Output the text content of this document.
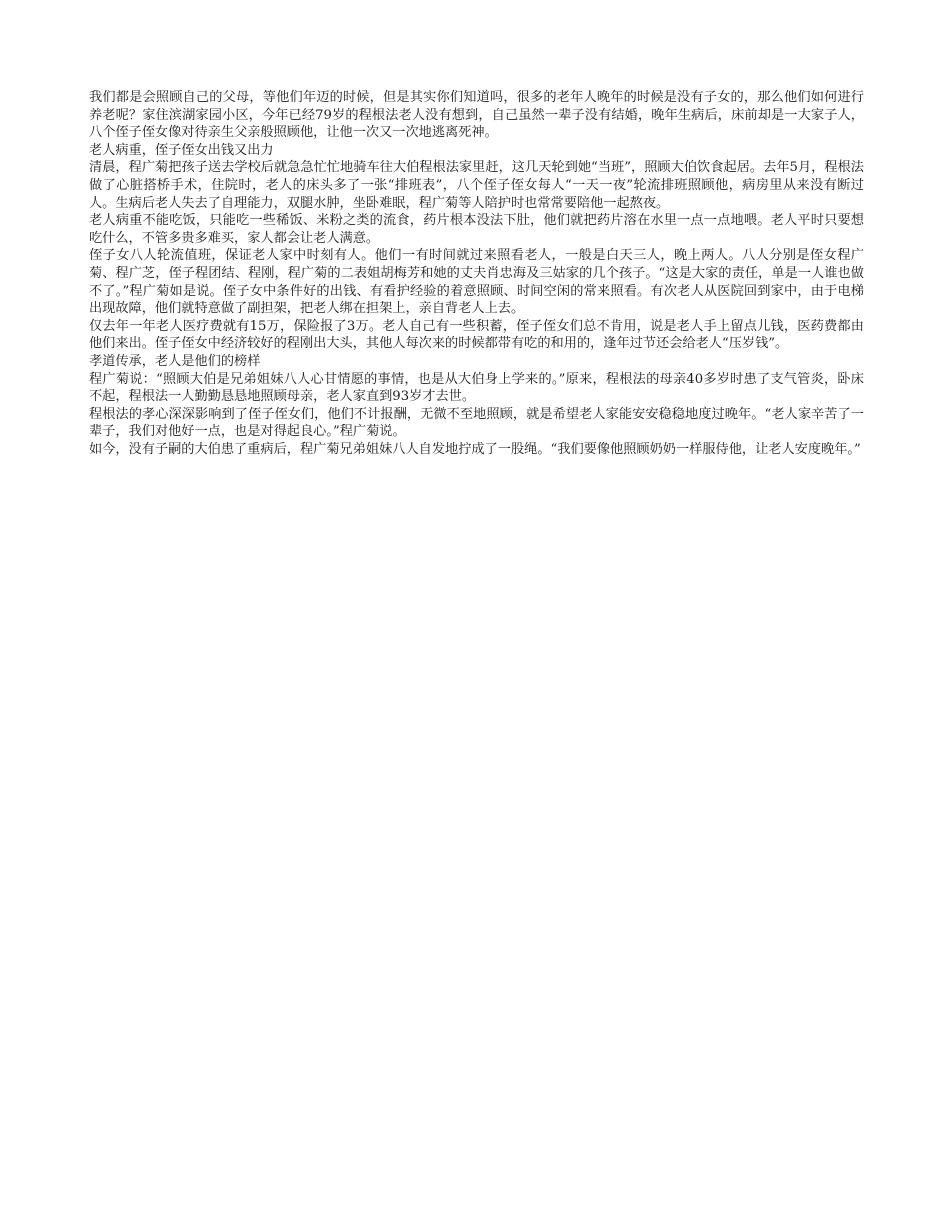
我们都是会照顾自己的父母，等他们年迈的时候，但是其实你们知道吗，很多的老年人晚年的时候是没有子女的，那么他们如何进行养老呢？家住滨湖家园小区，今年已经79岁的程根法老人没有想到，自己虽然一辈子没有结婚，晚年生病后，床前却是一大家子人，八个侄子侄女像对待亲生父亲般照顾他，让他一次又一次地逃离死神。

老人病重，侄子侄女出钱又出力

清晨，程广菊把孩子送去学校后就急急忙忙地骑车往大伯程根法家里赶，这几天轮到她“当班”，照顾大伯饮食起居。去年5月，程根法做了心脏搭桥手术，住院时，老人的床头多了一张“排班表”，八个侄子侄女每人“一天一夜”轮流排班照顾他，病房里从来没有断过人。生病后老人失去了自理能力，双腿水肿，坐卧难眠，程广菊等人陪护时也常常要陪他一起熬夜。

老人病重不能吃饭，只能吃一些稀饭、米粉之类的流食，药片根本没法下肚，他们就把药片溶在水里一点一点地喂。老人平时只要想吃什么，不管多贵多难买，家人都会让老人满意。

侄子女八人轮流值班，保证老人家中时刻有人。他们一有时间就过来照看老人，一般是白天三人，晚上两人。八人分别是侄女程广菊、程广芝，侄子程团结、程刚，程广菊的二表姐胡梅芳和她的丈夫肖忠海及三姑家的几个孩子。“这是大家的责任，单是一人谁也做不了。”程广菊如是说。侄子女中条件好的出钱、有看护经验的着意照顾、时间空闲的常来照看。有次老人从医院回到家中，由于电梯出现故障，他们就特意做了副担架，把老人绑在担架上，亲自背老人上去。

仅去年一年老人医疗费就有15万，保险报了3万。老人自己有一些积蓄，侄子侄女们总不肯用，说是老人手上留点儿钱，医药费都由他们来出。侄子侄女中经济较好的程刚出大头，其他人每次来的时候都带有吃的和用的，逢年过节还会给老人“压岁钱”。

孝道传承，老人是他们的榜样

程广菊说：“照顾大伯是兄弟姐妹八人心甘情愿的事情，也是从大伯身上学来的。”原来，程根法的母亲40多岁时患了支气管炎，卧床不起，程根法一人勤勤恳恳地照顾母亲，老人家直到93岁才去世。

程根法的孝心深深影响到了侄子侄女们，他们不计报酬，无微不至地照顾，就是希望老人家能安安稳稳地度过晚年。“老人家辛苦了一辈子，我们对他好一点，也是对得起良心。”程广菊说。

如今，没有子嗣的大伯患了重病后，程广菊兄弟姐妹八人自发地拧成了一股绳。“我们要像他照顾奶奶一样服侍他，让老人安度晚年。”
